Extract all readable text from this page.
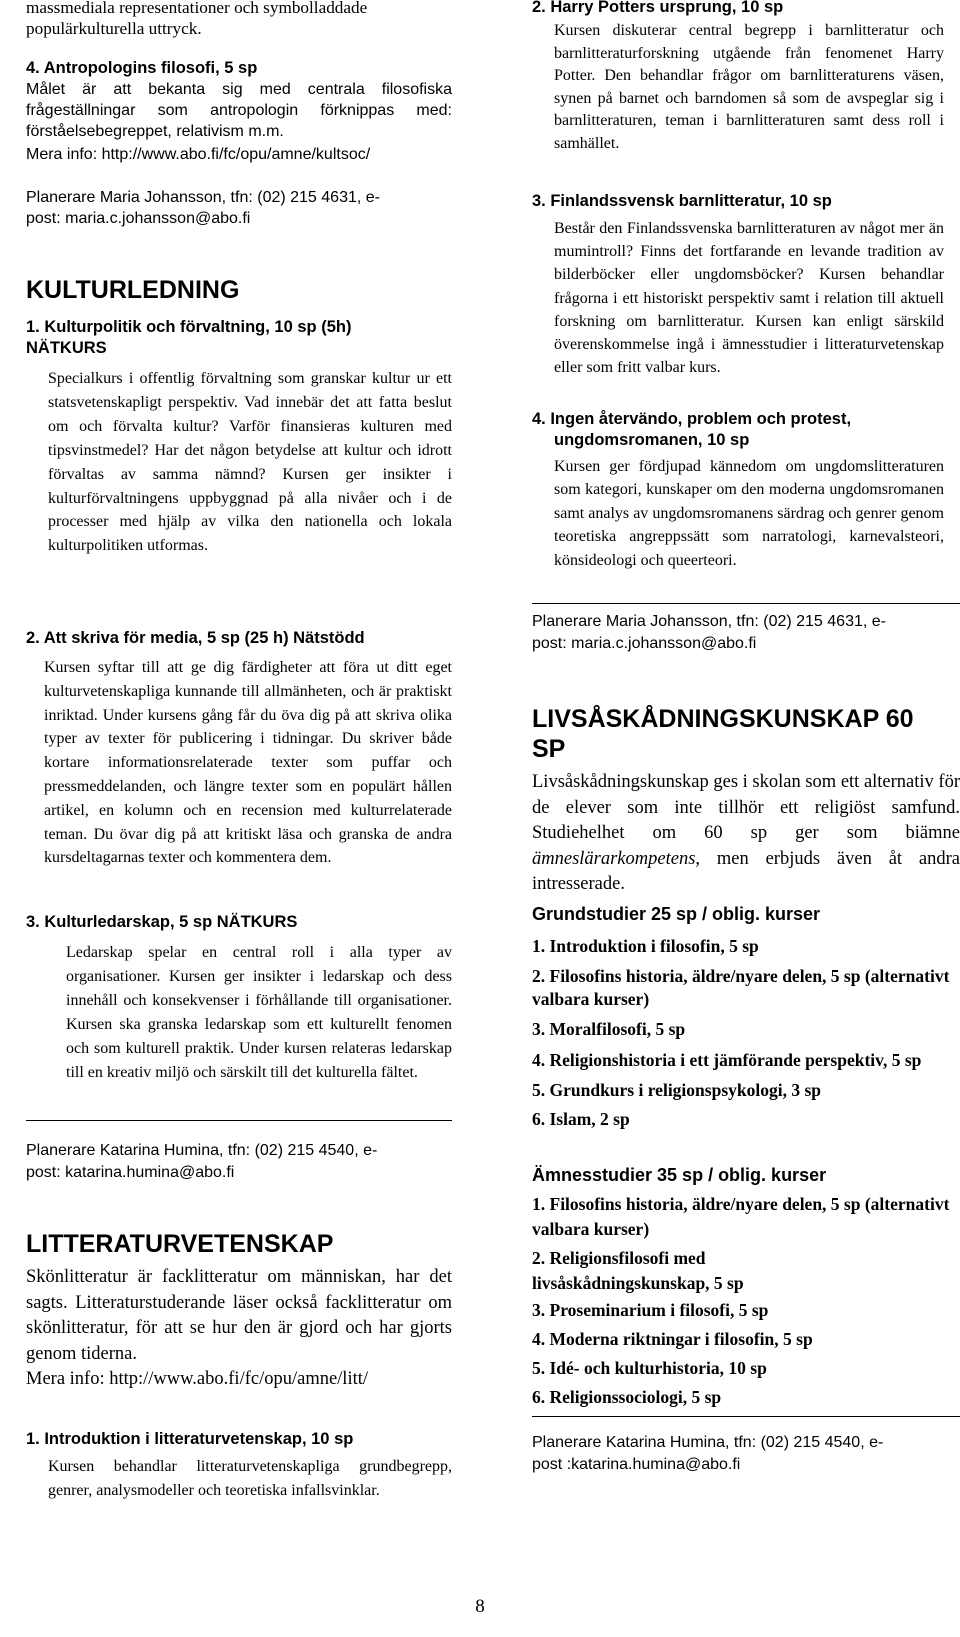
massmediala representationer och symbolladdade

populärkulturella uttryck.

4. Antropologins filosofi, 5 sp

Målet är att bekanta sig med centrala filosofiska frågeställningar som antropologin förknippas med: förståelsebegreppet, relativism m.m.

Mera info: http://www.abo.fi/fc/opu/amne/kultsoc/

Planerare Maria Johansson, tfn: (02) 215 4631, e-

post: maria.c.johansson@abo.fi

KULTURLEDNING

1. Kulturpolitik och förvaltning, 10 sp (5h)

NÄTKURS

Specialkurs i offentlig förvaltning som granskar kultur ur ett statsvetenskapligt perspektiv. Vad innebär det att fatta beslut om och förvalta kultur? Varför finansieras kulturen med tipsvinstmedel? Har det någon betydelse att kultur och idrott förvaltas av samma nämnd? Kursen ger insikter i kulturförvaltningens uppbyggnad på alla nivåer och i de processer med hjälp av vilka den nationella och lokala kulturpolitiken utformas.

2. Att skriva för media, 5 sp (25 h) Nätstödd

Kursen syftar till att ge dig färdigheter att föra ut ditt eget kulturvetenskapliga kunnande till allmänheten, och är praktiskt inriktad. Under kursens gång får du öva dig på att skriva olika typer av texter för publicering i tidningar. Du skriver både kortare informationsrelaterade texter som puffar och pressmeddelanden, och längre texter som en populärt hållen artikel, en kolumn och en recension med kulturrelaterade teman. Du övar dig på att kritiskt läsa och granska de andra kursdeltagarnas texter och kommentera dem.

3. Kulturledarskap, 5 sp NÄTKURS

Ledarskap spelar en central roll i alla typer av organisationer. Kursen ger insikter i ledarskap och dess innehåll och konsekvenser i förhållande till organisationer. Kursen ska granska ledarskap som ett kulturellt fenomen och som kulturell praktik. Under kursen relateras ledarskap till en kreativ miljö och särskilt till det kulturella fältet.

Planerare Katarina Humina, tfn: (02) 215 4540, e-

post: katarina.humina@abo.fi

LITTERATURVETENSKAP

Skönlitteratur är facklitteratur om människan, har det sagts. Litteraturstuderande läser också facklitteratur om skönlitteratur, för att se hur den är gjord och har gjorts genom tiderna.

Mera info: http://www.abo.fi/fc/opu/amne/litt/

1. Introduktion i litteraturvetenskap, 10 sp

Kursen behandlar litteraturvetenskapliga grundbegrepp, genrer, analysmodeller och teoretiska infallsvinklar.

2. Harry Potters ursprung, 10 sp

Kursen diskuterar central begrepp i barnlitteratur och barnlitteraturforskning utgående från fenomenet Harry Potter. Den behandlar frågor om barnlitteraturens väsen, synen på barnet och barndomen så som de avspeglar sig i barnlitteraturen, teman i barnlitteraturen samt dess roll i samhället.

3. Finlandssvensk barnlitteratur, 10 sp

Består den Finlandssvenska barnlitteraturen av något mer än mumintroll? Finns det fortfarande en levande tradition av bilderböcker eller ungdomsböcker? Kursen behandlar frågorna i ett historiskt perspektiv samt i relation till aktuell forskning om barnlitteratur. Kursen kan enligt särskild överenskommelse ingå i ämnesstudier i litteraturvetenskap eller som fritt valbar kurs.

4. Ingen återvändo, problem och protest,

ungdomsromanen, 10 sp

Kursen ger fördjupad kännedom om ungdomslitteraturen som kategori, kunskaper om den moderna ungdomsromanen samt analys av ungdomsromanens särdrag och genrer genom teoretiska angreppssätt som narratologi, karnevalsteori, könsideologi och queerteori.

Planerare Maria Johansson, tfn: (02) 215 4631, e-

post: maria.c.johansson@abo.fi

LIVSÅSKÅDNINGSKUNSKAP 60

SP

Livsåskådningskunskap ges i skolan som ett alternativ för de elever som inte tillhör ett religiöst samfund. Studiehelhet om 60 sp ger som biämne ämneslärarkompetens, men erbjuds även åt andra intresserade.

Grundstudier 25 sp / oblig. kurser

1. Introduktion i filosofin, 5 sp

2. Filosofins historia, äldre/nyare delen, 5 sp (alternativt valbara kurser)

3. Moralfilosofi, 5 sp

4. Religionshistoria i ett jämförande perspektiv, 5 sp

5. Grundkurs i religionspsykologi, 3 sp

6. Islam, 2 sp

Ämnesstudier 35 sp / oblig. kurser

1. Filosofins historia, äldre/nyare delen, 5 sp (alternativt valbara kurser)

2. Religionsfilosofi med livsåskådningskunskap, 5 sp

3. Proseminarium i filosofi, 5 sp

4. Moderna riktningar i filosofin, 5 sp

5. Idé- och kulturhistoria, 10 sp

6. Religionssociologi, 5 sp

Planerare Katarina Humina, tfn: (02) 215 4540, e-

post :katarina.humina@abo.fi

8
